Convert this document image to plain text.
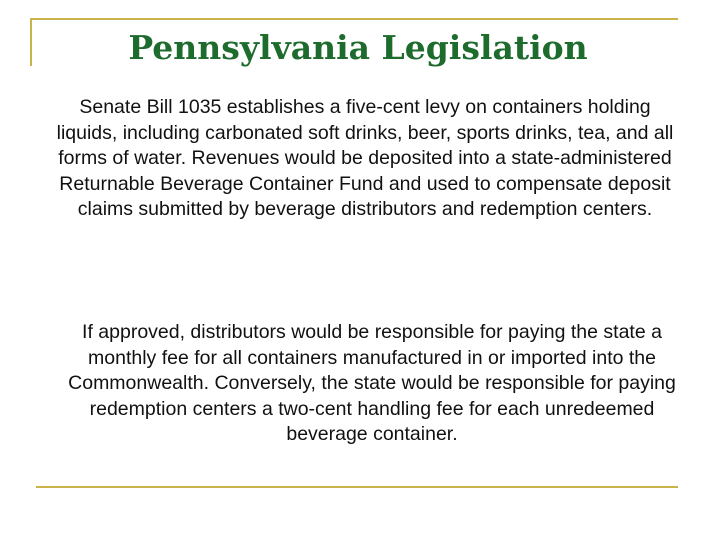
Pennsylvania Legislation

Senate Bill 1035 establishes a five-cent levy on containers holding liquids, including carbonated soft drinks, beer, sports drinks, tea, and all forms of water. Revenues would be deposited into a state-administered Returnable Beverage Container Fund and used to compensate deposit claims submitted by beverage distributors and redemption centers.

If approved, distributors would be responsible for paying the state a monthly fee for all containers manufactured in or imported into the Commonwealth. Conversely, the state would be responsible for paying redemption centers a two-cent handling fee for each unredeemed beverage container.
